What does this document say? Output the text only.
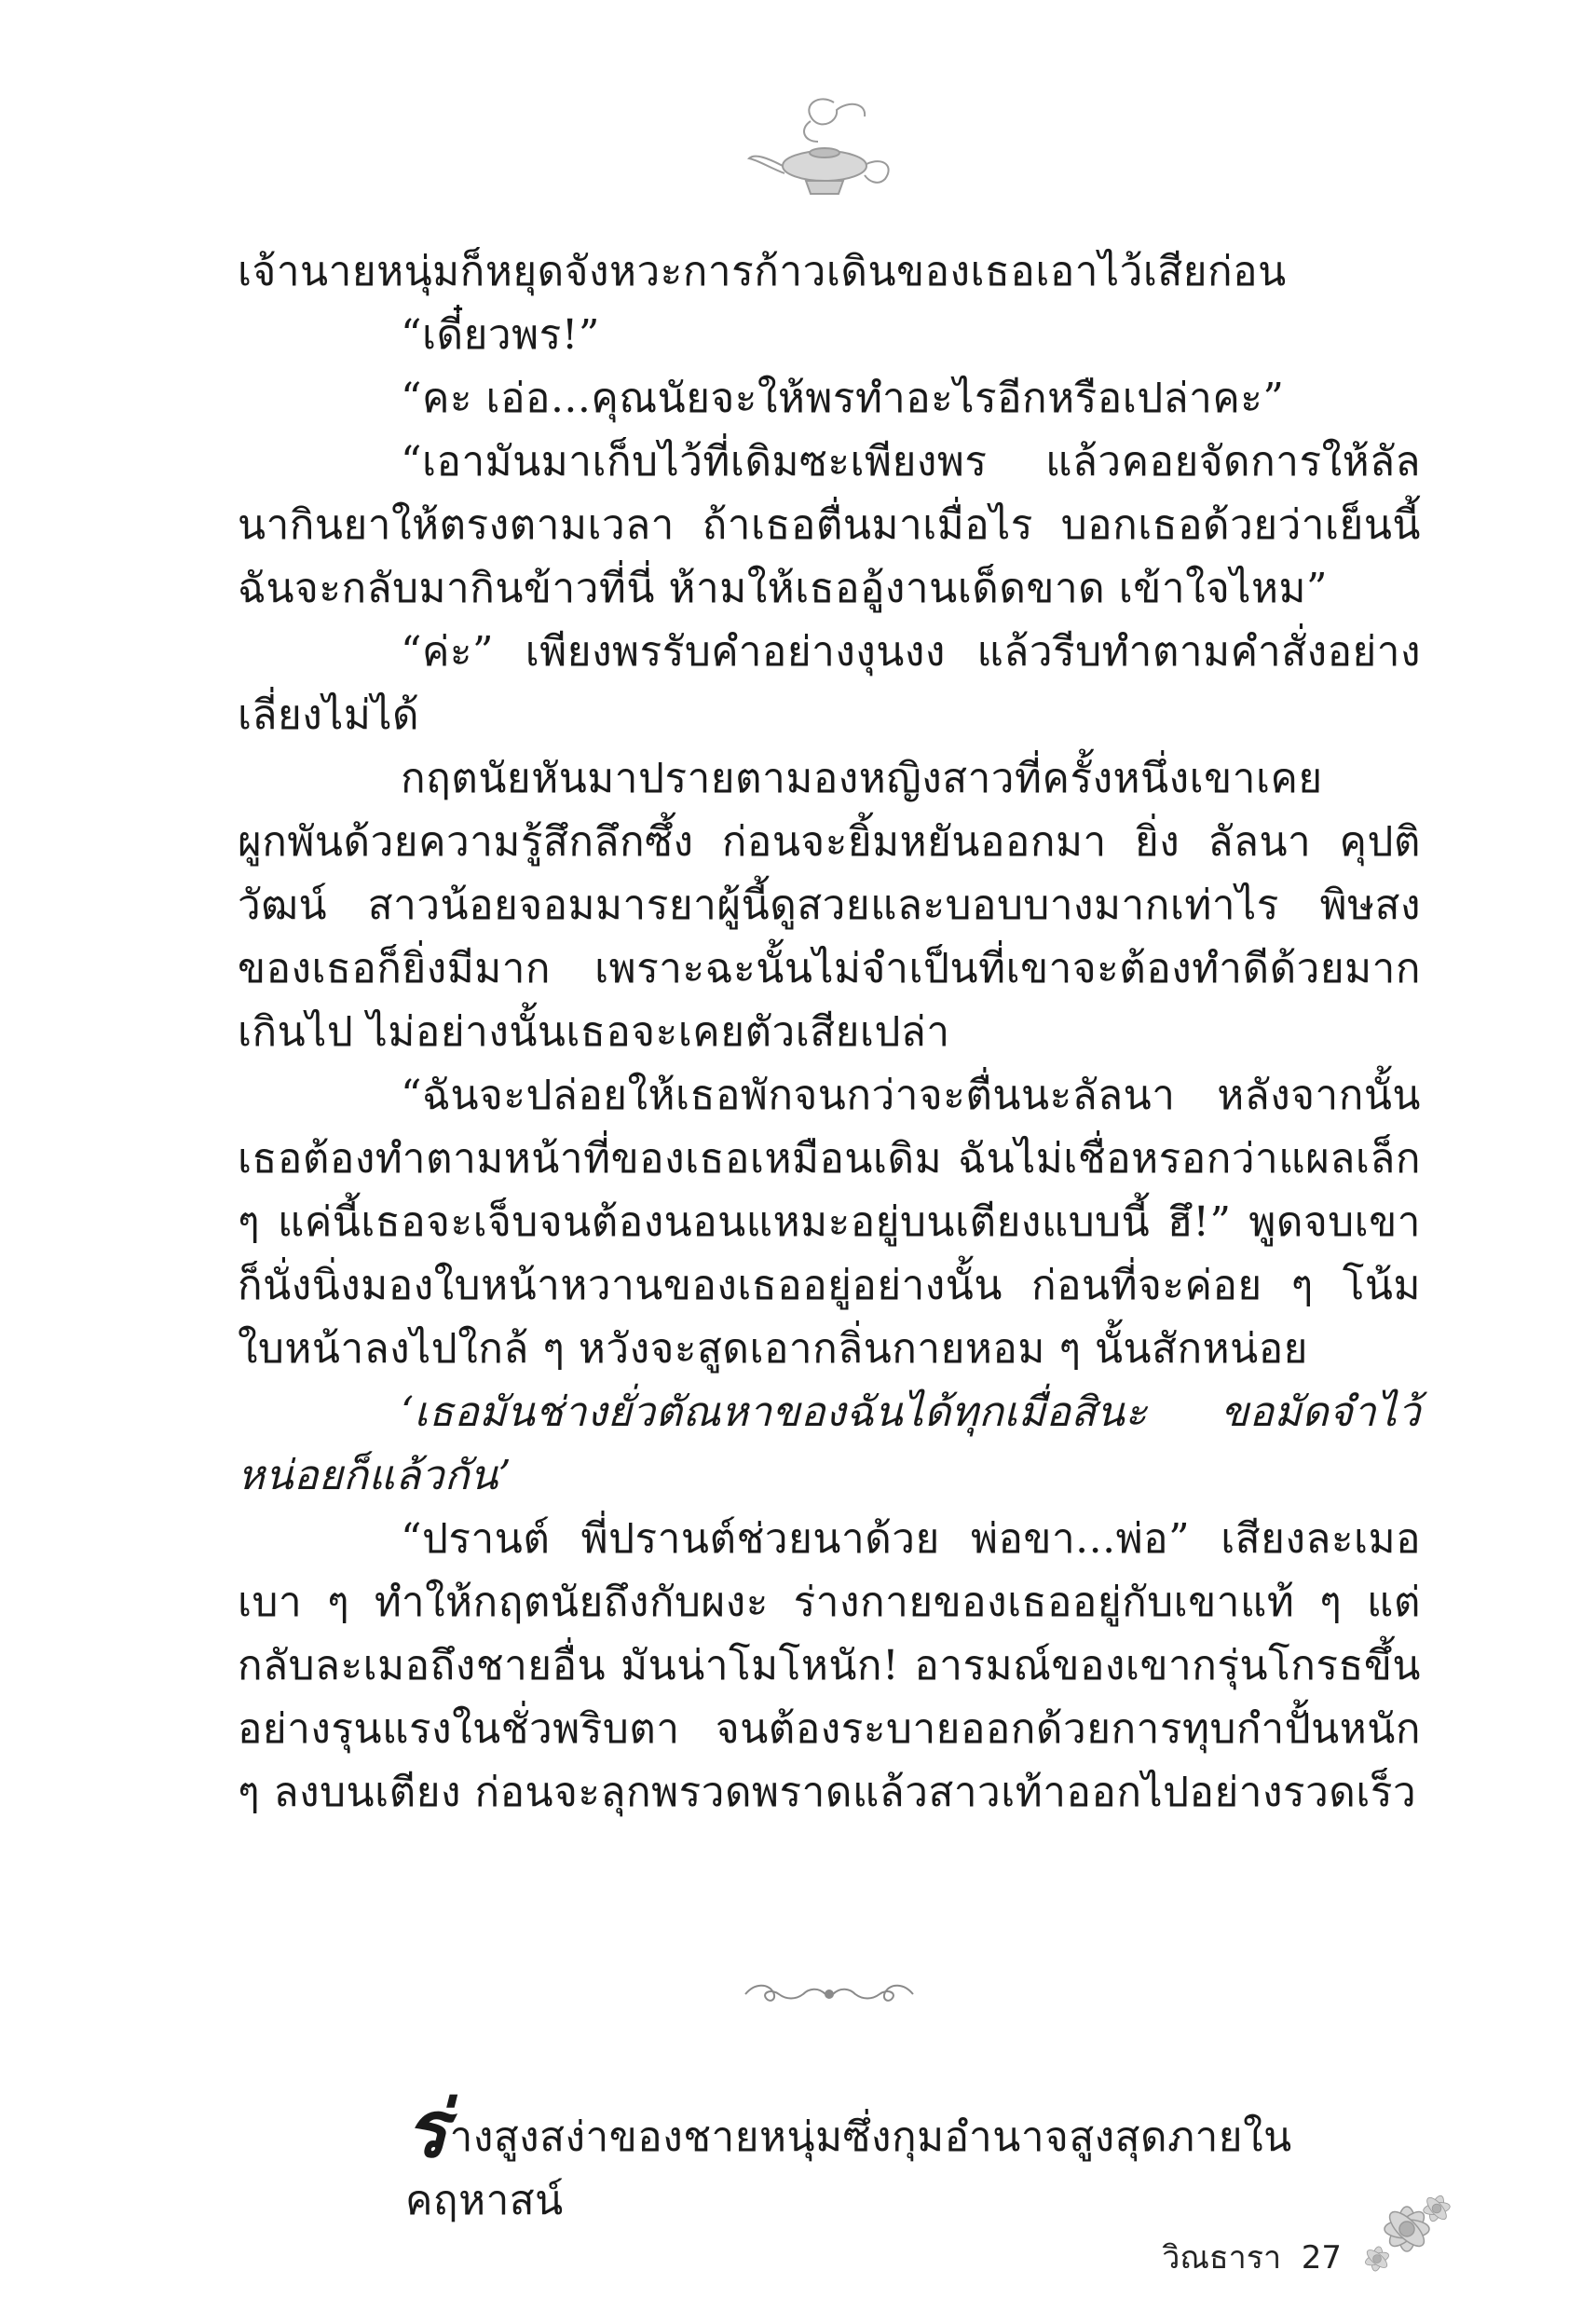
เจ้านายหนุ่มก็หยุดจังหวะการก้าวเดินของเธอเอาไว้เสียก่อน

“เดี๋ยวพร!”

“คะ เอ่อ...คุณนัยจะให้พรทำอะไรอีกหรือเปล่าคะ”

“เอามันมาเก็บไว้ที่เดิมซะเพียงพร แล้วคอยจัดการให้ลัลนากินยาให้ตรงตามเวลา ถ้าเธอตื่นมาเมื่อไร บอกเธอด้วยว่าเย็นนี้ฉันจะกลับมากินข้าวที่นี่ ห้ามให้เธออู้งานเด็ดขาด เข้าใจไหม”

“ค่ะ” เพียงพรรับคำอย่างงุนงง แล้วรีบทำตามคำสั่งอย่างเลี่ยงไม่ได้

กฤตนัยหันมาปรายตามองหญิงสาวที่ครั้งหนึ่งเขาเคยผูกพันด้วยความรู้สึกลึกซึ้ง ก่อนจะยิ้มหยันออกมา ยิ่ง ลัลนา คุปติวัฒน์ สาวน้อยจอมมารยาผู้นี้ดูสวยและบอบบางมากเท่าไร พิษสงของเธอก็ยิ่งมีมาก เพราะฉะนั้นไม่จำเป็นที่เขาจะต้องทำดีด้วยมากเกินไป ไม่อย่างนั้นเธอจะเคยตัวเสียเปล่า

“ฉันจะปล่อยให้เธอพักจนกว่าจะตื่นนะลัลนา หลังจากนั้นเธอต้องทำตามหน้าที่ของเธอเหมือนเดิม ฉันไม่เชื่อหรอกว่าแผลเล็ก ๆ แค่นี้เธอจะเจ็บจนต้องนอนแหมะอยู่บนเตียงแบบนี้ ฮึ!” พูดจบเขาก็นั่งนิ่งมองใบหน้าหวานของเธออยู่อย่างนั้น ก่อนที่จะค่อย ๆ โน้มใบหน้าลงไปใกล้ ๆ หวังจะสูดเอากลิ่นกายหอม ๆ นั้นสักหน่อย

‘เธอมันช่างยั่วตัณหาของฉันได้ทุกเมื่อสินะ ขอมัดจำไว้หน่อยก็แล้วกัน’

“ปรานต์ พี่ปรานต์ช่วยนาด้วย พ่อขา...พ่อ” เสียงละเมอเบา ๆ ทำให้กฤตนัยถึงกับผงะ ร่างกายของเธออยู่กับเขาแท้ ๆ แต่กลับละเมอถึงชายอื่น มันน่าโมโหนัก! อารมณ์ของเขากรุ่นโกรธขึ้นอย่างรุนแรงในชั่วพริบตา จนต้องระบายออกด้วยการทุบกำปั้นหนัก ๆ ลงบนเตียง ก่อนจะลุกพรวดพราดแล้วสาวเท้าออกไปอย่างรวดเร็ว

ร่างสูงสง่าของชายหนุ่มซึ่งกุมอำนาจสูงสุดภายในคฤหาสน์
วิณธารา 27
